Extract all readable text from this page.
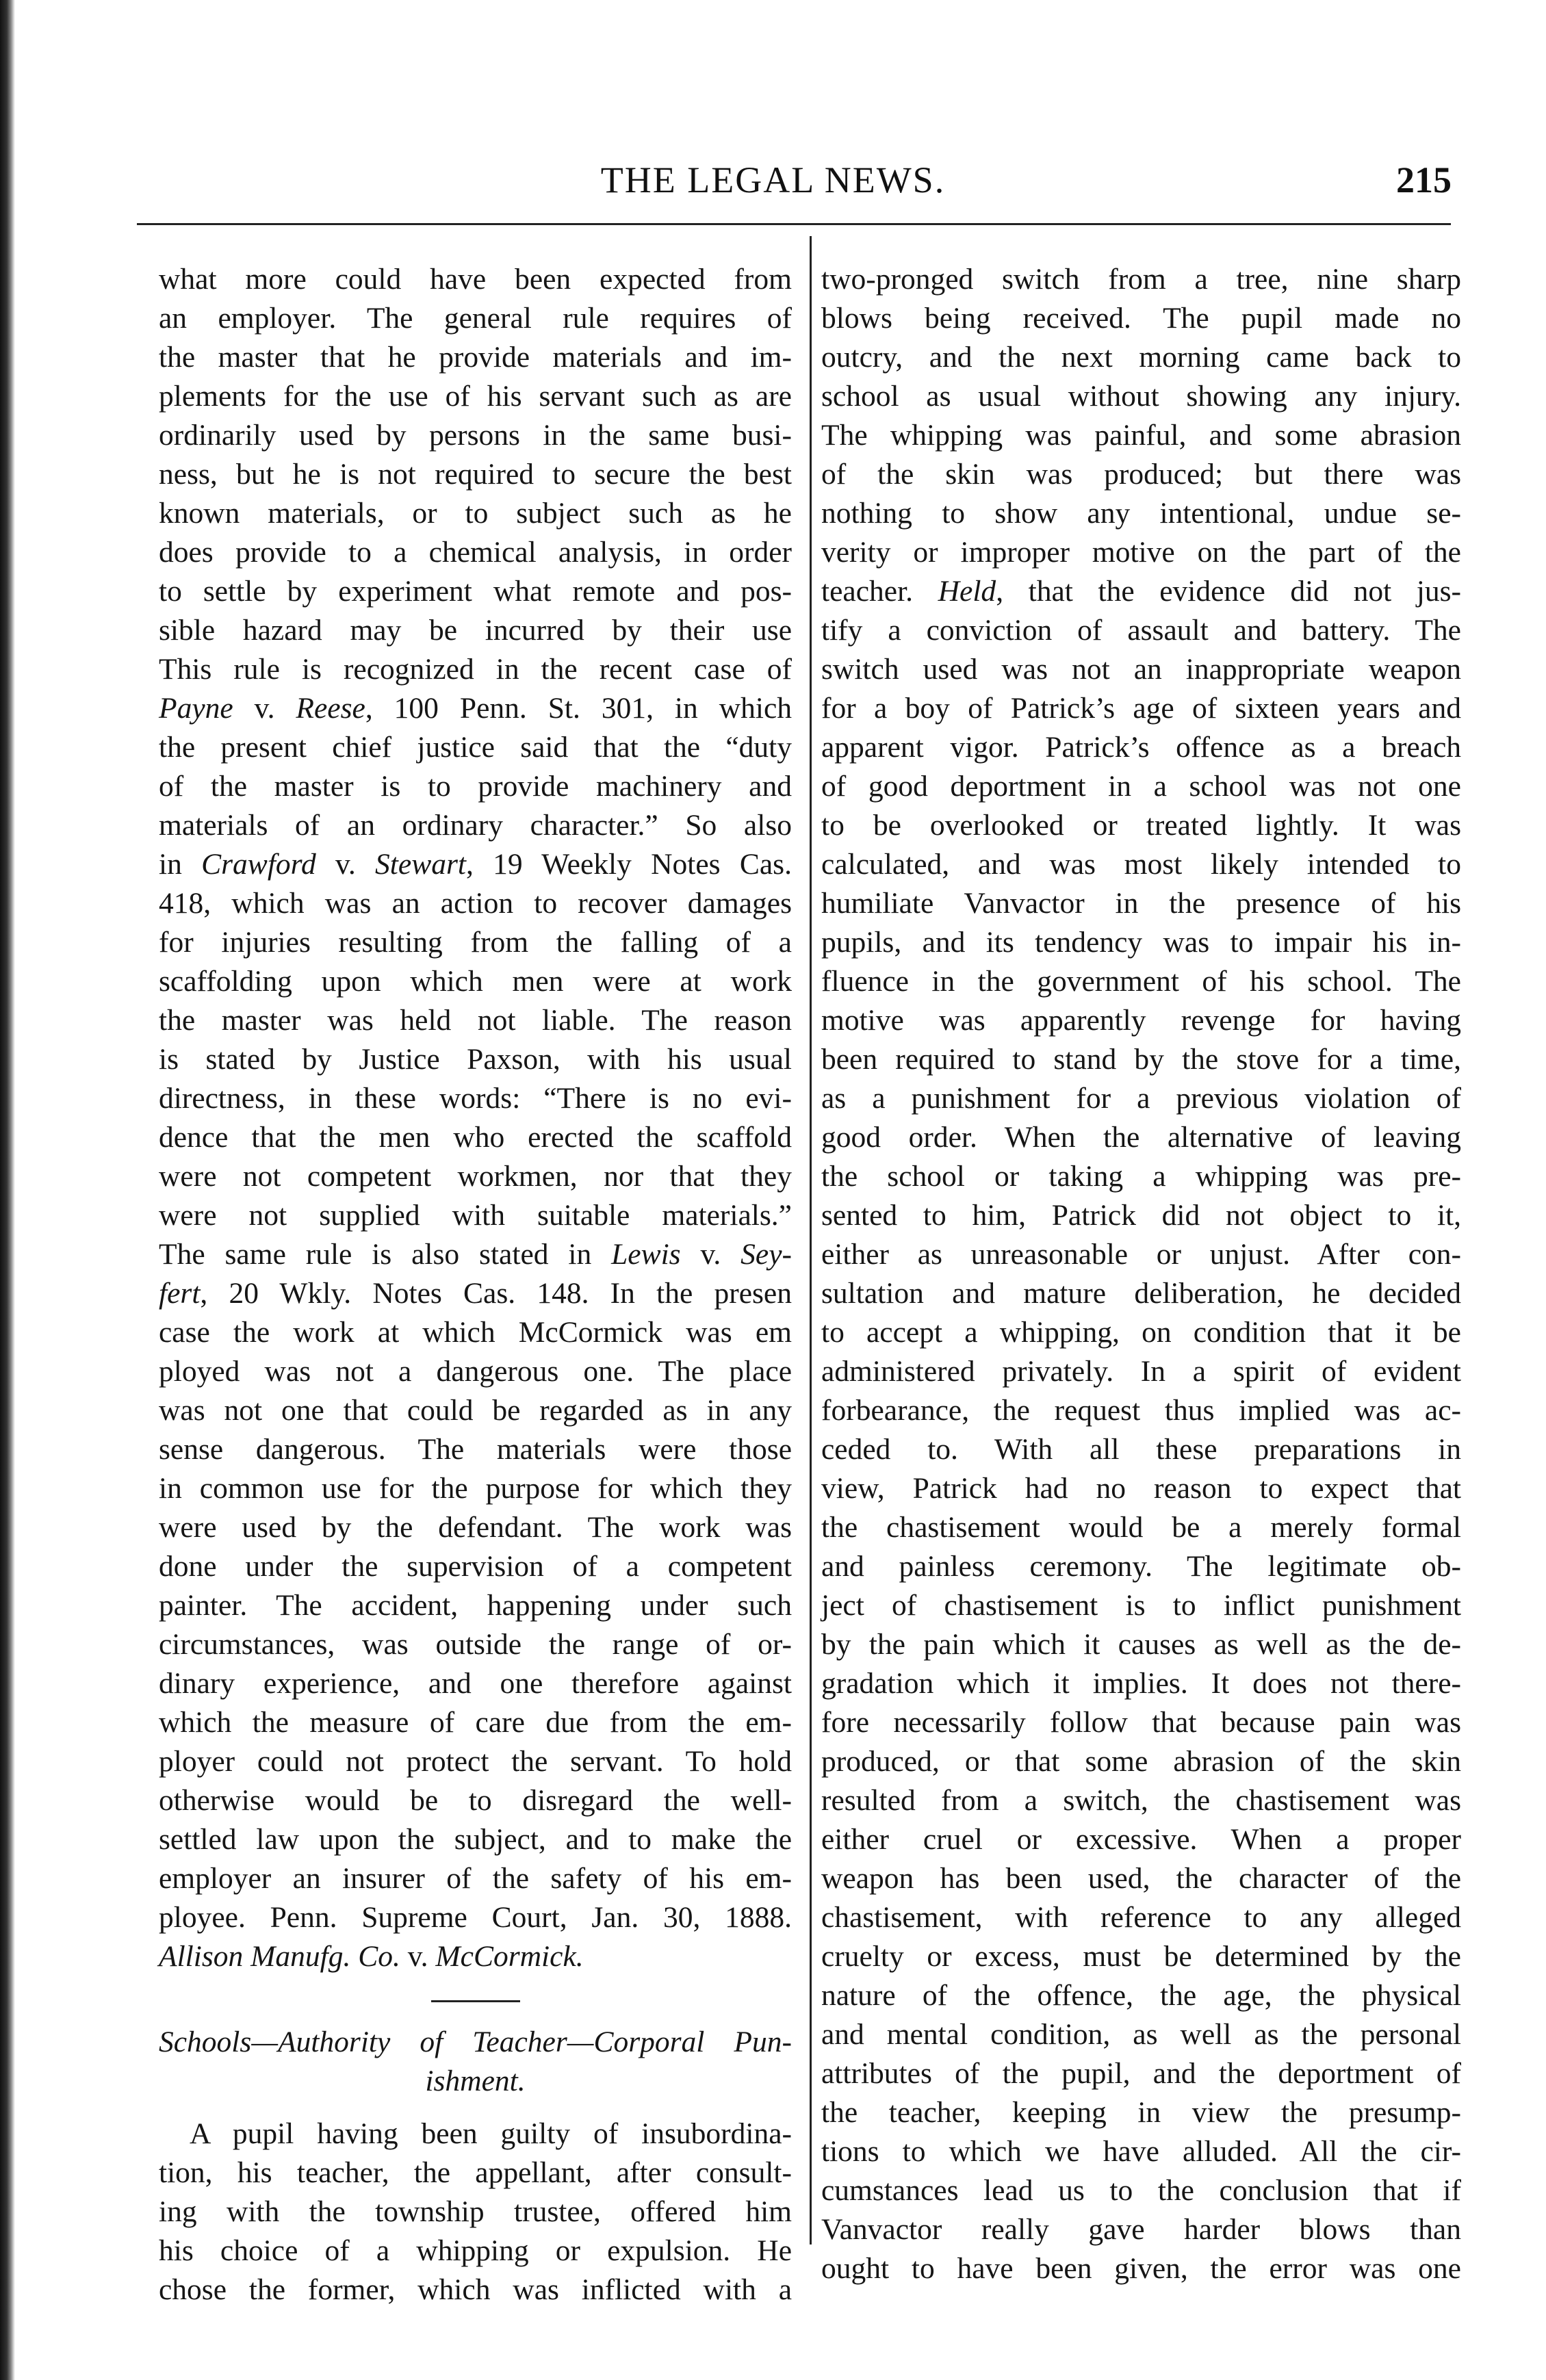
THE LEGAL NEWS.	215
what more could have been expected from
an employer. The general rule requires of
the master that he provide materials and im-
plements for the use of his servant such as are
ordinarily used by persons in the same busi-
ness, but he is not required to secure the best
known materials, or to subject such as he
does provide to a chemical analysis, in order
to settle by experiment what remote and pos-
sible hazard may be incurred by their use
This rule is recognized in the recent case of
Payne v. Reese, 100 Penn. St. 301, in which
the present chief justice said that the “duty
of the master is to provide machinery and
materials of an ordinary character.” So also
in Crawford v. Stewart, 19 Weekly Notes Cas.
418, which was an action to recover damages
for injuries resulting from the falling of a
scaffolding upon which men were at work
the master was held not liable. The reason
is stated by Justice Paxson, with his usual
directness, in these words: “There is no evi-
dence that the men who erected the scaffold
were not competent workmen, nor that they
were not supplied with suitable materials.”
The same rule is also stated in Lewis v. Sey-
fert, 20 Wkly. Notes Cas. 148. In the presen
case the work at which McCormick was em
ployed was not a dangerous one. The place
was not one that could be regarded as in any
sense dangerous. The materials were those
in common use for the purpose for which they
were used by the defendant. The work was
done under the supervision of a competent
painter. The accident, happening under such
circumstances, was outside the range of or-
dinary experience, and one therefore against
which the measure of care due from the em-
ployer could not protect the servant. To hold
otherwise would be to disregard the well-
settled law upon the subject, and to make the
employer an insurer of the safety of his em-
ployee. Penn. Supreme Court, Jan. 30, 1888.
Allison Manufg. Co. v. McCormick.
Schools—Authority of Teacher—Corporal Pun-
ishment.
A pupil having been guilty of insubordina-
tion, his teacher, the appellant, after consult-
ing with the township trustee, offered him
his choice of a whipping or expulsion. He
chose the former, which was inflicted with a
two-pronged switch from a tree, nine sharp
blows being received. The pupil made no
outcry, and the next morning came back to
school as usual without showing any injury.
The whipping was painful, and some abrasion
of the skin was produced; but there was
nothing to show any intentional, undue se-
verity or improper motive on the part of the
teacher. Held, that the evidence did not jus-
tify a conviction of assault and battery. The
switch used was not an inappropriate weapon
for a boy of Patrick’s age of sixteen years and
apparent vigor. Patrick’s offence as a breach
of good deportment in a school was not one
to be overlooked or treated lightly. It was
calculated, and was most likely intended to
humiliate Vanvactor in the presence of his
pupils, and its tendency was to impair his in-
fluence in the government of his school. The
motive was apparently revenge for having
been required to stand by the stove for a time,
as a punishment for a previous violation of
good order. When the alternative of leaving
the school or taking a whipping was pre-
sented to him, Patrick did not object to it,
either as unreasonable or unjust. After con-
sultation and mature deliberation, he decided
to accept a whipping, on condition that it be
administered privately. In a spirit of evident
forbearance, the request thus implied was ac-
ceded to. With all these preparations in
view, Patrick had no reason to expect that
the chastisement would be a merely formal
and painless ceremony. The legitimate ob-
ject of chastisement is to inflict punishment
by the pain which it causes as well as the de-
gradation which it implies. It does not there-
fore necessarily follow that because pain was
produced, or that some abrasion of the skin
resulted from a switch, the chastisement was
either cruel or excessive. When a proper
weapon has been used, the character of the
chastisement, with reference to any alleged
cruelty or excess, must be determined by the
nature of the offence, the age, the physical
and mental condition, as well as the personal
attributes of the pupil, and the deportment of
the teacher, keeping in view the presump-
tions to which we have alluded. All the cir-
cumstances lead us to the conclusion that if
Vanvactor really gave harder blows than
ought to have been given, the error was one
